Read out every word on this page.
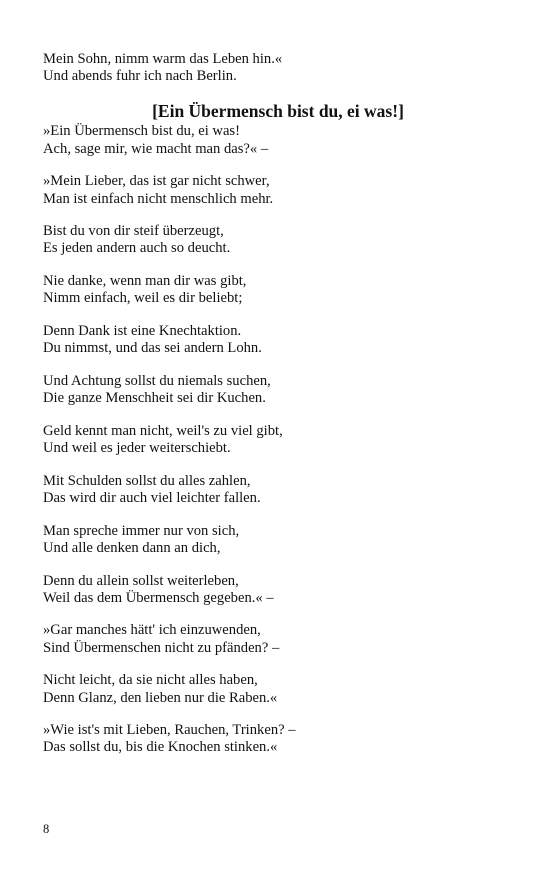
Mein Sohn, nimm warm das Leben hin.«
Und abends fuhr ich nach Berlin.
[Ein Übermensch bist du, ei was!]
»Ein Übermensch bist du, ei was!
Ach, sage mir, wie macht man das?« –
»Mein Lieber, das ist gar nicht schwer,
Man ist einfach nicht menschlich mehr.
Bist du von dir steif überzeugt,
Es jeden andern auch so deucht.
Nie danke, wenn man dir was gibt,
Nimm einfach, weil es dir beliebt;
Denn Dank ist eine Knechtaktion.
Du nimmst, und das sei andern Lohn.
Und Achtung sollst du niemals suchen,
Die ganze Menschheit sei dir Kuchen.
Geld kennt man nicht, weil's zu viel gibt,
Und weil es jeder weiterschiebt.
Mit Schulden sollst du alles zahlen,
Das wird dir auch viel leichter fallen.
Man spreche immer nur von sich,
Und alle denken dann an dich,
Denn du allein sollst weiterleben,
Weil das dem Übermensch gegeben.« –
»Gar manches hätt' ich einzuwenden,
Sind Übermenschen nicht zu pfänden? –
Nicht leicht, da sie nicht alles haben,
Denn Glanz, den lieben nur die Raben.«
»Wie ist's mit Lieben, Rauchen, Trinken? –
Das sollst du, bis die Knochen stinken.«
8
